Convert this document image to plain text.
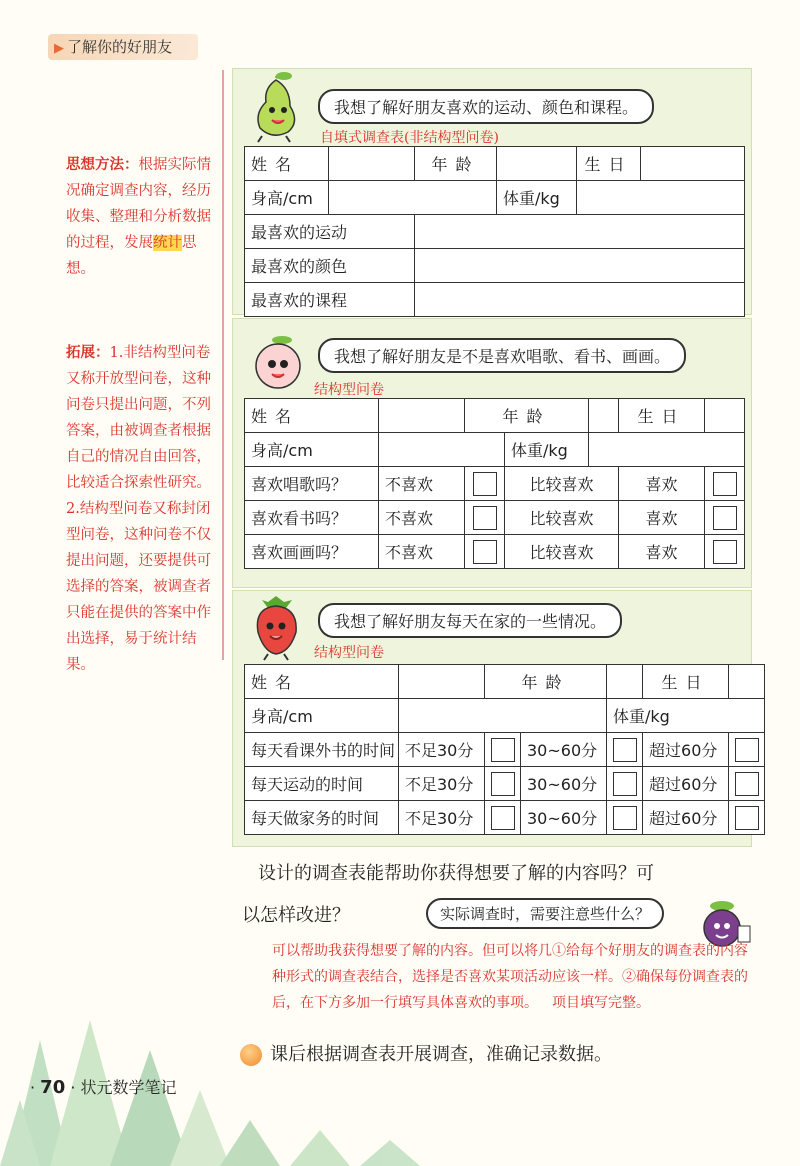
▶ 了解你的好朋友
思想方法：根据实际情况确定调查内容，经历收集、整理和分析数据的过程，发展统计思想。
拓展：1.非结构型问卷又称开放型问卷，这种问卷只提出问题，不列答案，由被调查者根据自己的情况自由回答，比较适合探索性研究。2.结构型问卷又称封闭型问卷，这种问卷不仅提出问题，还要提供可选择的答案，被调查者只能在提供的答案中作出选择，易于统计结果。
我想了解好朋友喜欢的运动、颜色和课程。
自填式调查表(非结构型问卷)
姓名		年龄		生日	
身高/cm			体重/kg		
最喜欢的运动					
最喜欢的颜色					
最喜欢的课程					
我想了解好朋友是不是喜欢唱歌、看书、画画。
结构型问卷
姓名		年龄			生日	
身高/cm			体重/kg			
喜欢唱歌吗？	不喜欢		比较喜欢		喜欢	
喜欢看书吗？	不喜欢		比较喜欢		喜欢	
喜欢画画吗？	不喜欢		比较喜欢		喜欢	
我想了解好朋友每天在家的一些情况。
结构型问卷
姓名		年龄			生日	
身高/cm				体重/kg		
每天看课外书的时间	不足30分		30~60分		超过60分	
每天运动的时间	不足30分		30~60分		超过60分	
每天做家务的时间	不足30分		30~60分		超过60分	
设计的调查表能帮助你获得想要了解的内容吗？可
以怎样改进？	实际调查时，需要注意些什么？
可以帮助我获得想要了解的内容。但可以将几种形式的调查表结合，选择是否喜欢某项活动后，在下方多加一行填写具体喜欢的事项。
①给每个好朋友的调查表的内容应该一样。②确保每份调查表的项目填写完整。
课后根据调查表开展调查，准确记录数据。
· 70 · 状元数学笔记
